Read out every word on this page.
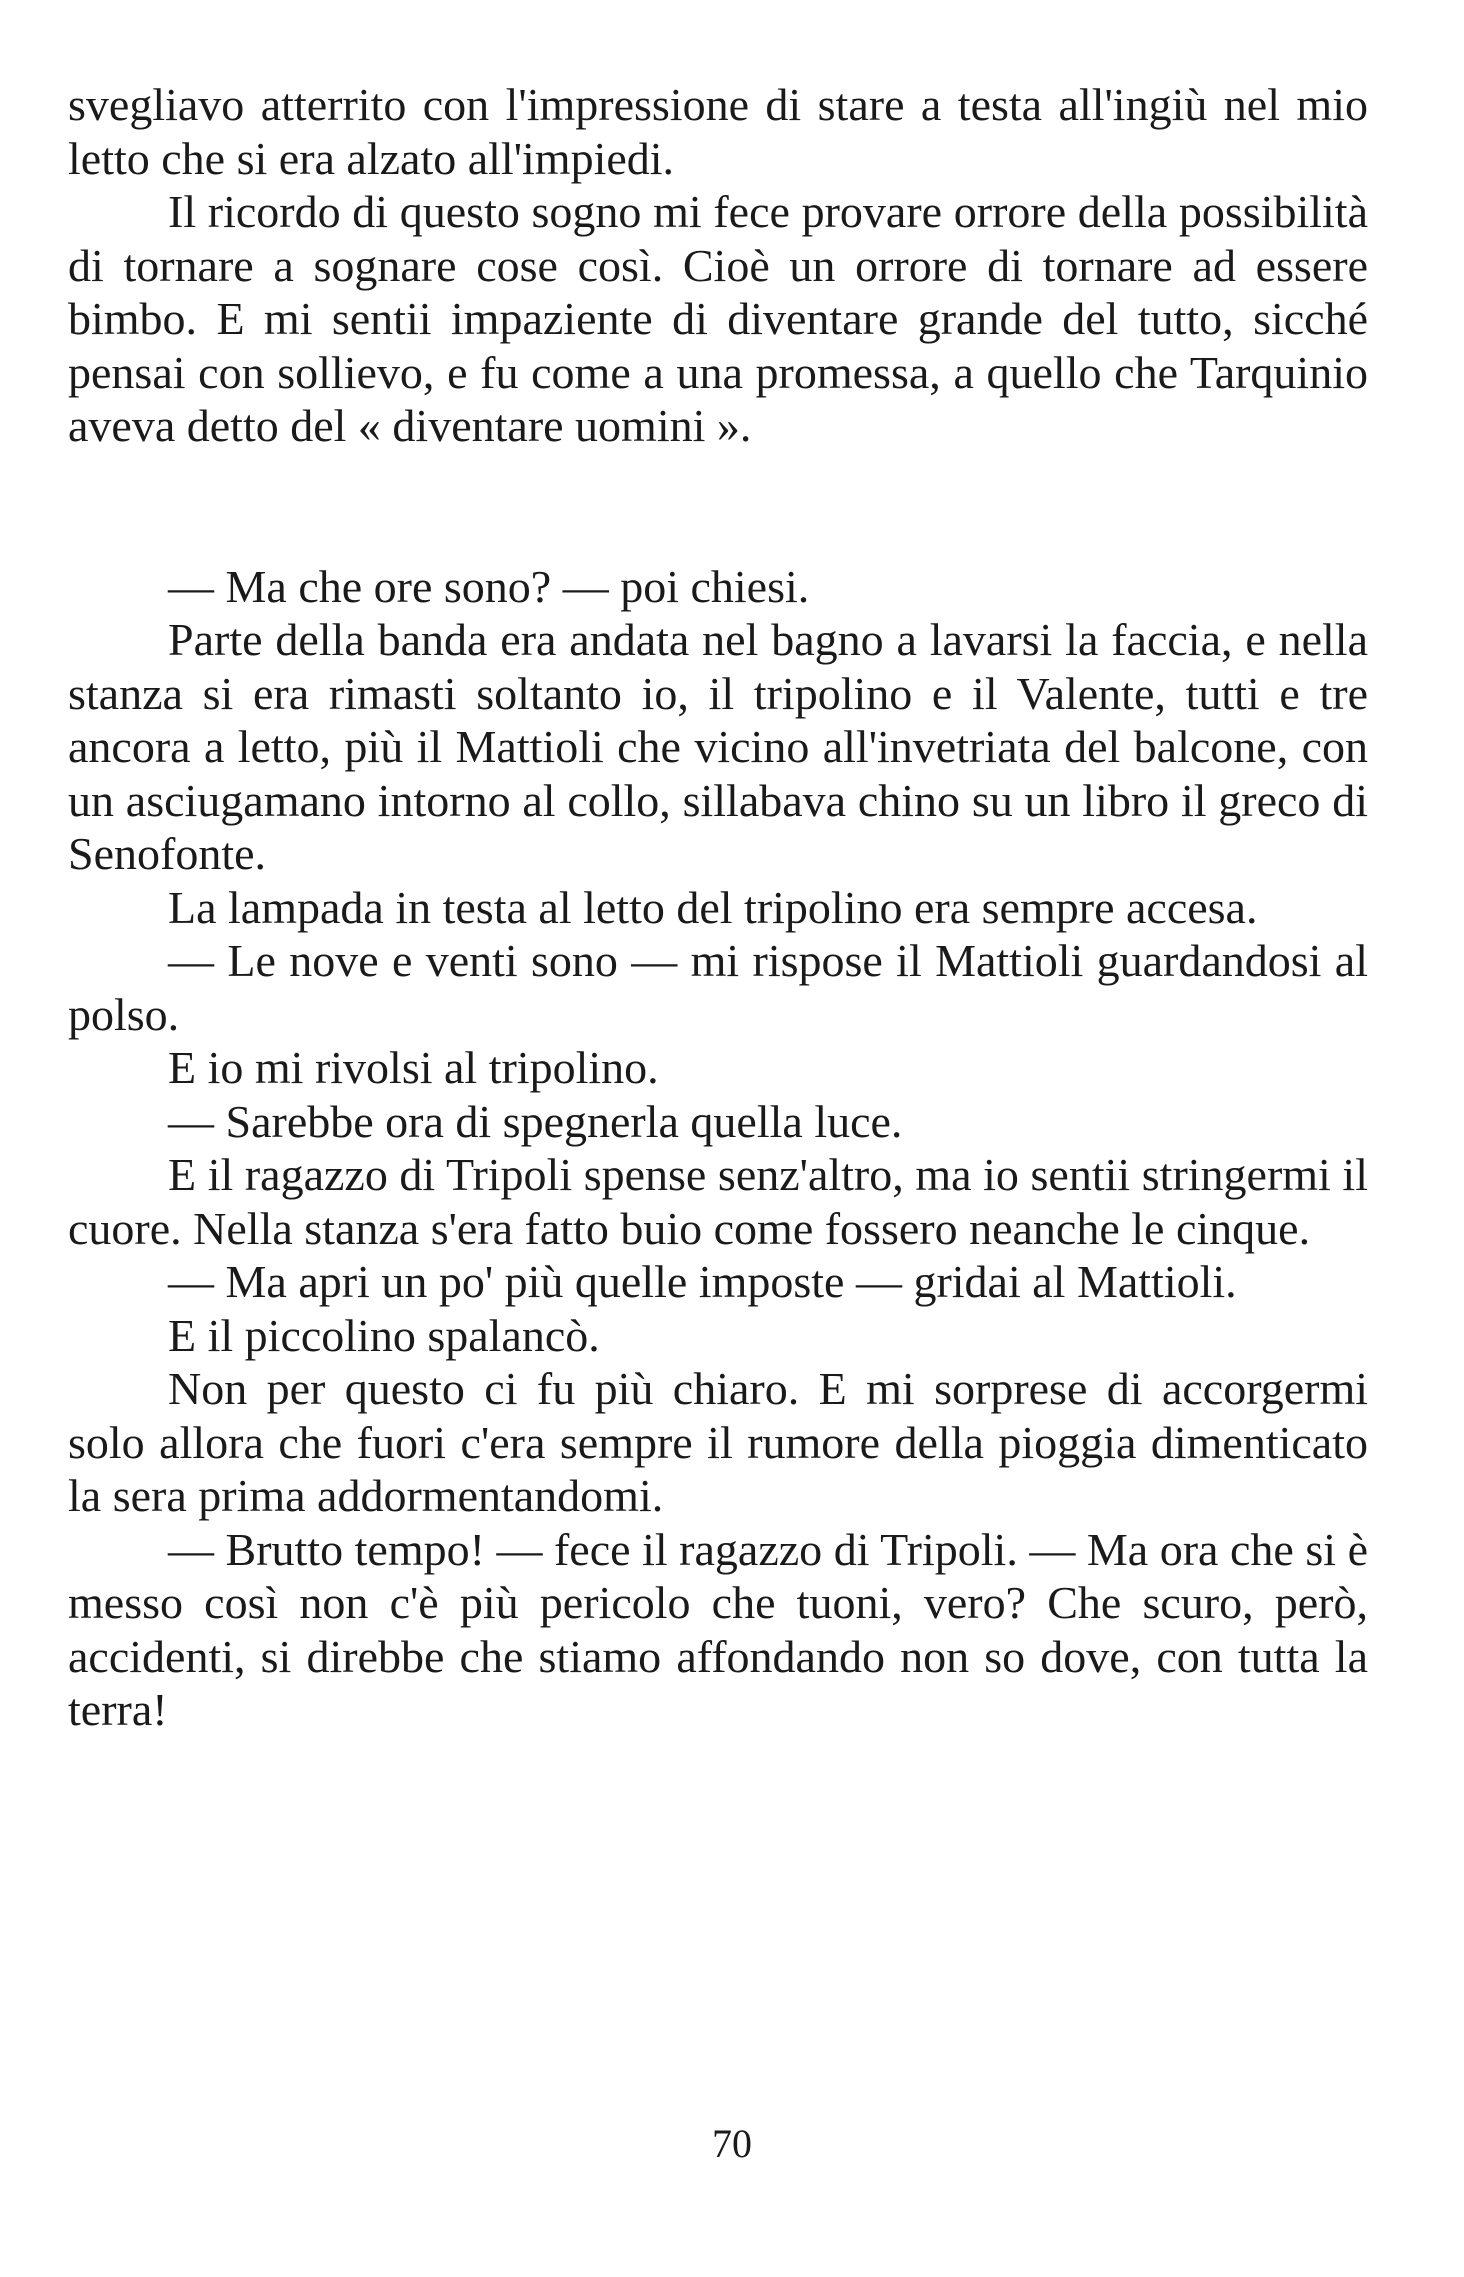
svegliavo atterrito con l'impressione di stare a testa all'ingiù nel mio letto che si era alzato all'impiedi.

Il ricordo di questo sogno mi fece provare orrore della possibilità di tornare a sognare cose così. Cioè un orrore di tornare ad essere bimbo. E mi sentii impaziente di diventare grande del tutto, sicché pensai con sollievo, e fu come a una promessa, a quello che Tarquinio aveva detto del « diventare uomini ».

— Ma che ore sono? — poi chiesi.

Parte della banda era andata nel bagno a lavarsi la faccia, e nella stanza si era rimasti soltanto io, il tripolino e il Valente, tutti e tre ancora a letto, più il Mattioli che vicino all'invetriata del balcone, con un asciugamano intorno al collo, sillabava chino su un libro il greco di Senofonte.

La lampada in testa al letto del tripolino era sempre accesa.

— Le nove e venti sono — mi rispose il Mattioli guardandosi al polso.

E io mi rivolsi al tripolino.

— Sarebbe ora di spegnerla quella luce.

E il ragazzo di Tripoli spense senz'altro, ma io sentii stringermi il cuore. Nella stanza s'era fatto buio come fossero neanche le cinque.

— Ma apri un po' più quelle imposte — gridai al Mattioli.

E il piccolino spalancò.

Non per questo ci fu più chiaro. E mi sorprese di accorgermi solo allora che fuori c'era sempre il rumore della pioggia dimenticato la sera prima addormentandomi.

— Brutto tempo! — fece il ragazzo di Tripoli. — Ma ora che si è messo così non c'è più pericolo che tuoni, vero? Che scuro, però, accidenti, si direbbe che stiamo affondando non so dove, con tutta la terra!

70
